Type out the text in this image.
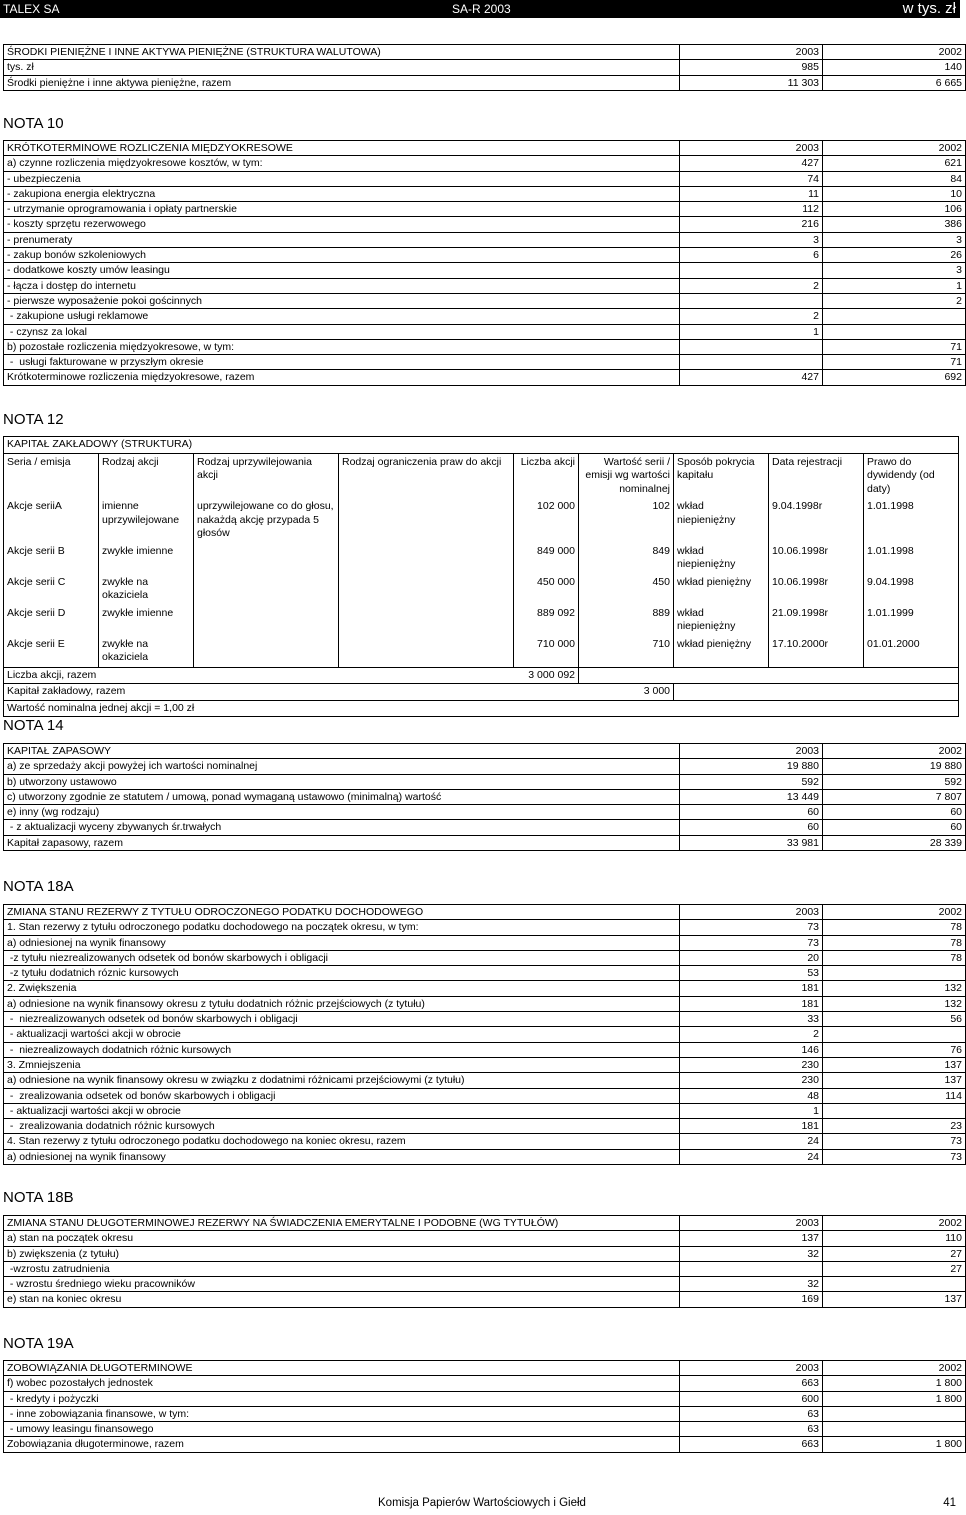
TALEX SA	SA-R 2003	w tys. zł
ŚRODKI PIENIĘŻNE I INNE AKTYWA PIENIĘŻNE (STRUKTURA WALUTOWA)	2003	2002
tys. zł	985	140
Środki pieniężne i inne aktywa pieniężne, razem	11 303	6 665
NOTA 10
KRÓTKOTERMINOWE ROZLICZENIA MIĘDZYOKRESOWE	2003	2002
a) czynne rozliczenia międzyokresowe kosztów, w tym:	427	621
- ubezpieczenia	74	84
- zakupiona energia elektryczna	11	10
- utrzymanie oprogramowania i opłaty partnerskie	112	106
- koszty sprzętu rezerwowego	216	386
- prenumeraty	3	3
- zakup bonów szkoleniowych	6	26
- dodatkowe koszty umów leasingu		3
- łącza i dostęp do internetu	2	1
- pierwsze wyposażenie pokoi gościnnych		2
- zakupione usługi reklamowe	2	
- czynsz za lokal	1	
b) pozostałe rozliczenia międzyokresowe, w tym:		71
-  usługi fakturowane w przyszłym okresie		71
Krótkoterminowe rozliczenia międzyokresowe, razem	427	692
NOTA 12
KAPITAŁ ZAKŁADOWY (STRUKTURA)								
Seria / emisja	Rodzaj akcji	Rodzaj uprzywilejowania akcji	Rodzaj ograniczenia praw do akcji	Liczba akcji	Wartość serii / emisji wg wartości nominalnej	Sposób pokrycia kapitału	Data rejestracji	Prawo do dywidendy (od daty)
Akcje seriiA	imienne uprzywilejowane	uprzywilejowane co do głosu, nakażdą akcję przypada 5 głosów		102 000	102	wkład niepieniężny	9.04.1998r	1.01.1998
Akcje serii B	zwykłe imienne			849 000	849	wkład niepieniężny	10.06.1998r	1.01.1998
Akcje serii C	zwykłe na okaziciela			450 000	450	wkład pieniężny	10.06.1998r	9.04.1998
Akcje serii D	zwykłe imienne			889 092	889	wkład niepieniężny	21.09.1998r	1.01.1999
Akcje serii E	zwykłe na okaziciela			710 000	710	wkład pieniężny	17.10.2000r	01.01.2000
Liczba akcji, razem 3 000 092								

Kapitał zakładowy, razem 3 000								

Wartość nominalna jednej akcji = 1,00 zł								
NOTA 14
KAPITAŁ ZAPASOWY	2003	2002
a) ze sprzedaży akcji powyżej ich wartości nominalnej	19 880	19 880
b) utworzony ustawowo	592	592
c) utworzony zgodnie ze statutem / umową, ponad wymaganą ustawowo (minimalną) wartość	13 449	7 807
e) inny (wg rodzaju)	60	60
- z aktualizacji wyceny zbywanych śr.trwałych	60	60
Kapitał zapasowy, razem	33 981	28 339
NOTA 18A
ZMIANA STANU REZERWY Z TYTUŁU ODROCZONEGO PODATKU DOCHODOWEGO	2003	2002
1. Stan rezerwy z tytułu odroczonego podatku dochodowego na początek okresu, w tym:	73	78
a) odniesionej na wynik finansowy	73	78
-z tytułu niezrealizowanych odsetek od bonów skarbowych i obligacji	20	78
-z tytułu dodatnich róznic kursowych	53	
2. Zwiększenia	181	132
a) odniesione na wynik finansowy okresu z tytułu dodatnich różnic przejściowych (z tytułu)	181	132
-  niezrealizowanych odsetek od bonów skarbowych i obligacji	33	56
- aktualizacji wartości akcji w obrocie	2	
-  niezrealizowaych dodatnich różnic kursowych	146	76
3. Zmniejszenia	230	137
a) odniesione na wynik finansowy okresu w związku z dodatnimi różnicami przejściowymi (z tytułu)	230	137
-  zrealizowania odsetek od bonów skarbowych i obligacji	48	114
- aktualizacji wartości akcji w obrocie	1	
-  zrealizowania dodatnich różnic kursowych	181	23
4. Stan rezerwy z tytułu odroczonego podatku dochodowego na koniec okresu, razem	24	73
a) odniesionej na wynik finansowy	24	73
NOTA 18B
ZMIANA STANU DŁUGOTERMINOWEJ REZERWY NA ŚWIADCZENIA EMERYTALNE I PODOBNE (WG TYTUŁÓW)	2003	2002
a) stan na początek okresu	137	110
b) zwiększenia (z tytułu)	32	27
-wzrostu zatrudnienia		27
- wzrostu średniego wieku pracowników	32	
e) stan na koniec okresu	169	137
NOTA 19A
ZOBOWIĄZANIA DŁUGOTERMINOWE	2003	2002
f) wobec pozostałych jednostek	663	1 800
- kredyty i pożyczki	600	1 800
- inne zobowiązania finansowe, w tym:	63	
- umowy leasingu finansowego	63	
Zobowiązania długoterminowe, razem	663	1 800
Komisja Papierów Wartościowych i Giełd	41
